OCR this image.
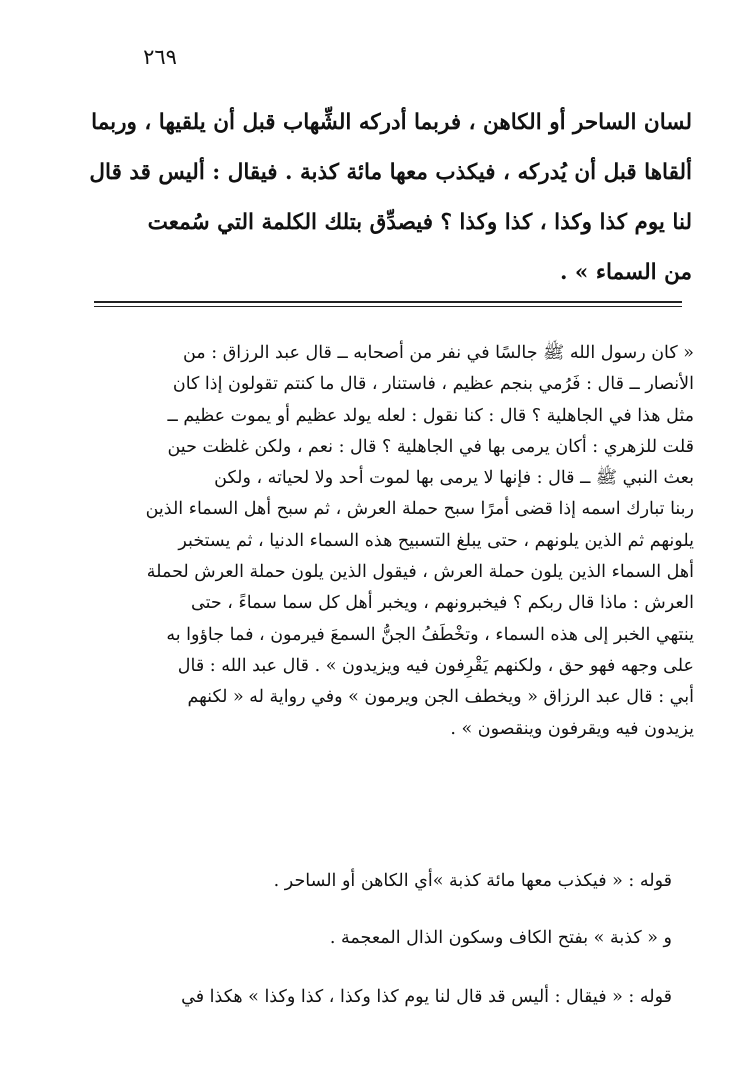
٢٦٩
لسان الساحر أو الكاهن ، فربما أدركه الشِّهاب قبل أن يلقيها ، وربما
ألقاها قبل أن يُدركه ، فيكذب معها مائة كذبة . فيقال : أليس قد قال
لنا يوم كذا وكذا ، كذا وكذا ؟ فيصدِّق بتلك الكلمة التي سُمعت
من السماء » .
« كان رسول الله ﷺ جالسًا في نفر من أصحابه ــ قال عبد الرزاق : من
الأنصار ــ قال : فَرُمي بنجم عظيم ، فاستنار ، قال ما كنتم تقولون إذا كان
مثل هذا في الجاهلية ؟ قال : كنا نقول : لعله يولد عظيم أو يموت عظيم ــ
قلت للزهري : أكان يرمى بها في الجاهلية ؟ قال : نعم ، ولكن غلظت حين
بعث النبي ﷺ ــ قال : فإنها لا يرمى بها لموت أحد ولا لحياته ، ولكن
ربنا تبارك اسمه إذا قضى أمرًا سبح حملة العرش ، ثم سبح أهل السماء الذين
يلونهم ثم الذين يلونهم ، حتى يبلغ التسبيح هذه السماء الدنيا ، ثم يستخبر
أهل السماء الذين يلون حملة العرش ، فيقول الذين يلون حملة العرش لحملة
العرش : ماذا قال ربكم ؟ فيخبرونهم ، ويخبر أهل كل سما سماءً ، حتى
ينتهي الخبر إلى هذه السماء ، وتخْطَفُ الجنُّ السمعَ فيرمون ، فما جاؤوا به
على وجهه فهو حق ، ولكنهم يَقْرِفون فيه ويزيدون » . قال عبد الله : قال
أبي : قال عبد الرزاق « ويخطف الجن ويرمون » وفي رواية له « لكنهم
يزيدون فيه ويقرفون وينقصون » .
قوله : « فيكذب معها مائة كذبة »أي الكاهن أو الساحر .
و « كذبة » بفتح الكاف وسكون الذال المعجمة .
قوله : « فيقال : أليس قد قال لنا يوم كذا وكذا ، كذا وكذا » هكذا في
